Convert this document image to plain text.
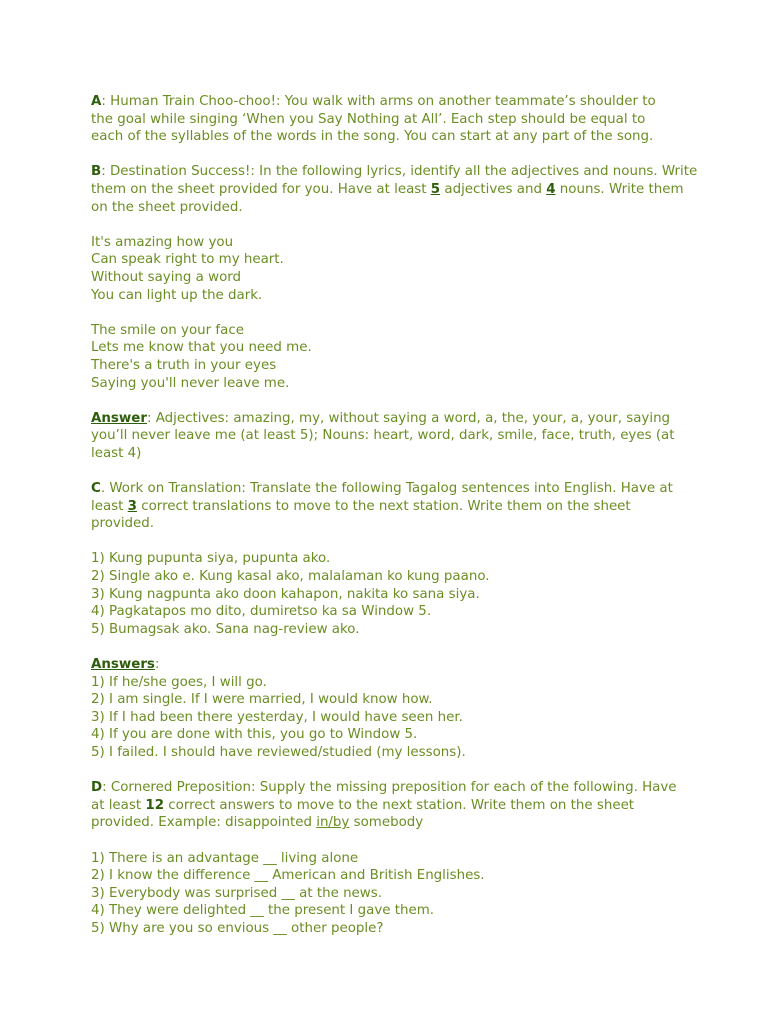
A: Human Train Choo-choo!: You walk with arms on another teammate’s shoulder to
the goal while singing ‘When you Say Nothing at All’. Each step should be equal to
each of the syllables of the words in the song. You can start at any part of the song.
B: Destination Success!: In the following lyrics, identify all the adjectives and nouns. Write
them on the sheet provided for you. Have at least 5 adjectives and 4 nouns. Write them
on the sheet provided.
It's amazing how you
Can speak right to my heart.
Without saying a word
You can light up the dark.
The smile on your face
Lets me know that you need me.
There's a truth in your eyes
Saying you'll never leave me.
Answer: Adjectives: amazing, my, without saying a word, a, the, your, a, your, saying
you’ll never leave me (at least 5); Nouns: heart, word, dark, smile, face, truth, eyes (at
least 4)
C. Work on Translation: Translate the following Tagalog sentences into English. Have at
least 3 correct translations to move to the next station. Write them on the sheet
provided.
1) Kung pupunta siya, pupunta ako.
2) Single ako e. Kung kasal ako, malalaman ko kung paano.
3) Kung nagpunta ako doon kahapon, nakita ko sana siya.
4) Pagkatapos mo dito, dumiretso ka sa Window 5.
5) Bumagsak ako. Sana nag-review ako.
Answers:
1) If he/she goes, I will go.
2) I am single. If I were married, I would know how.
3) If I had been there yesterday, I would have seen her.
4) If you are done with this, you go to Window 5.
5) I failed. I should have reviewed/studied (my lessons).
D: Cornered Preposition: Supply the missing preposition for each of the following. Have
at least 12 correct answers to move to the next station. Write them on the sheet
provided. Example: disappointed in/by somebody
1) There is an advantage __ living alone
2) I know the difference __ American and British Englishes.
3) Everybody was surprised __ at the news.
4) They were delighted __ the present I gave them.
5) Why are you so envious __ other people?
